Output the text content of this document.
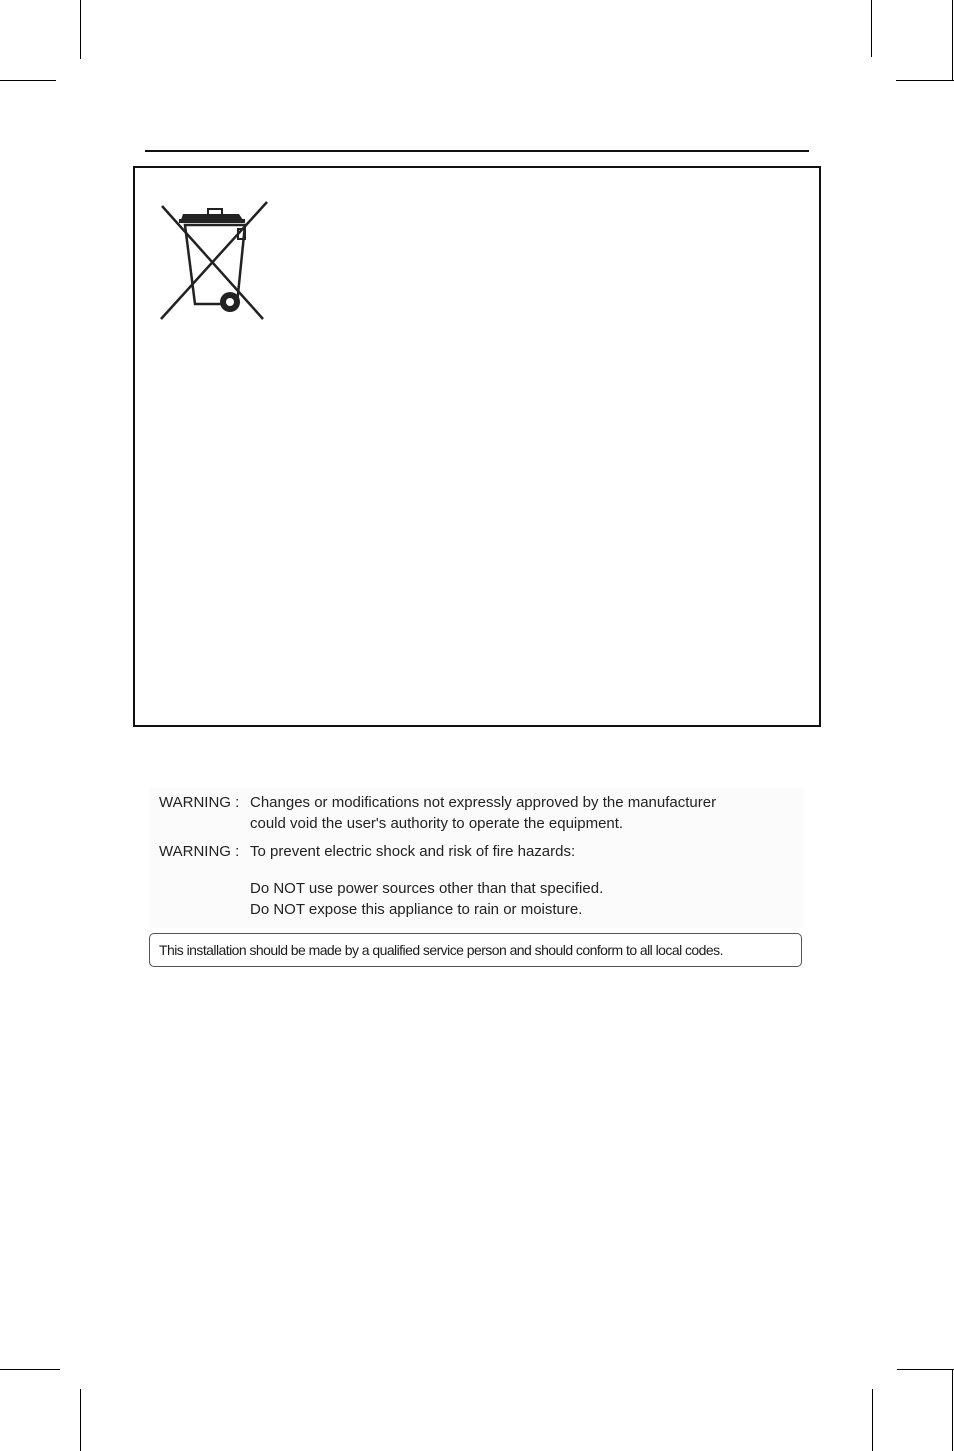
WARNING : Changes or modifications not expressly approved by the manufacturer
could void the user's authority to operate the equipment.
WARNING : To prevent electric shock and risk of fire hazards:
Do NOT use power sources other than that specified.
Do NOT expose this appliance to rain or moisture.
This installation should be made by a qualified service person and should conform to all local codes.
